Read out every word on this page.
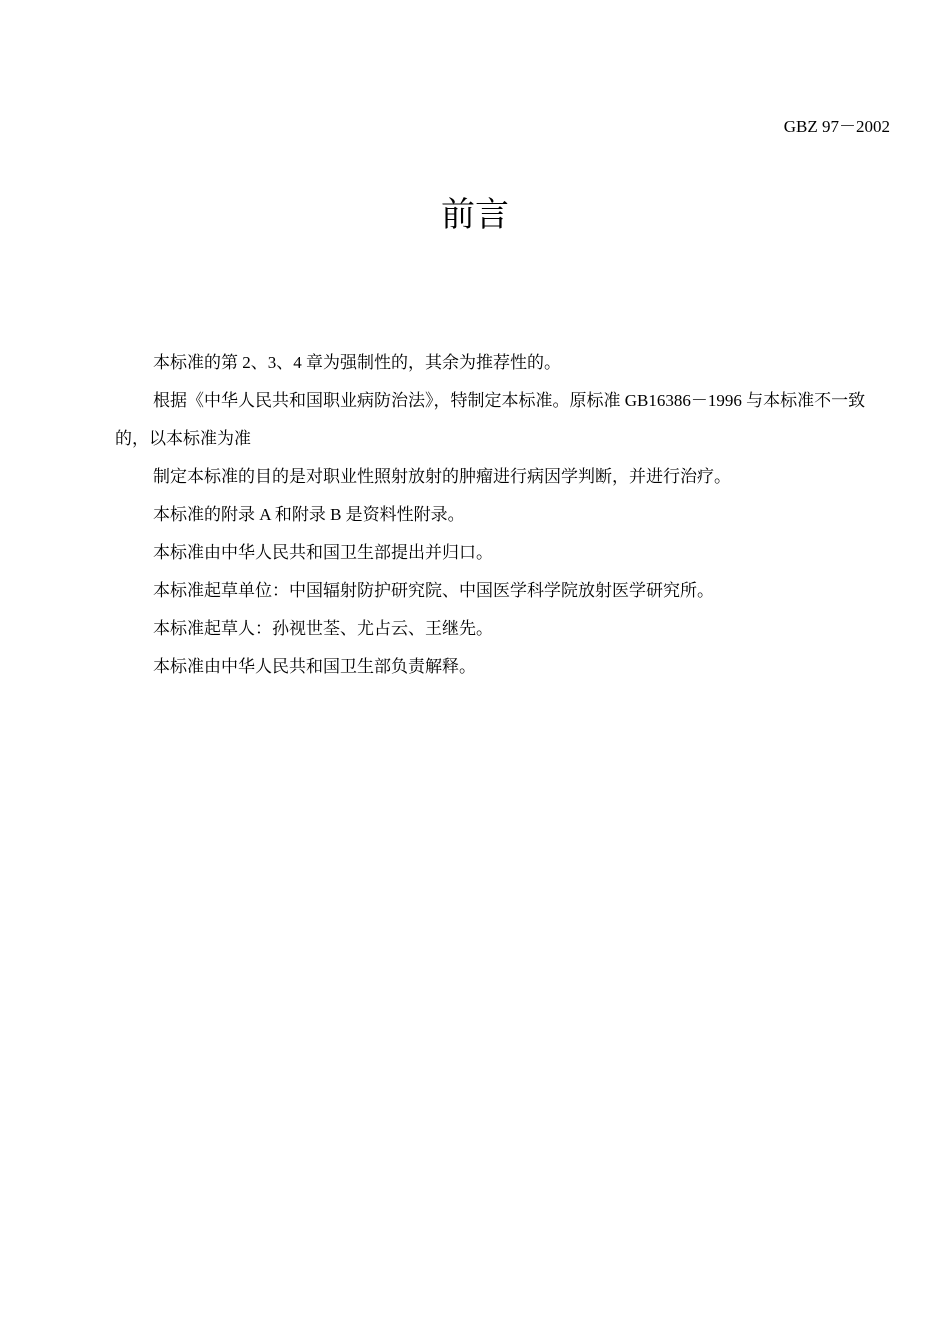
GBZ 97－2002
前言

本标准的第 2、3、4 章为强制性的，其余为推荐性的。

根据《中华人民共和国职业病防治法》，特制定本标准。原标准 GB16386－1996 与本标准不一致的，以本标准为准

制定本标准的目的是对职业性照射放射的肿瘤进行病因学判断，并进行治疗。

本标准的附录 A 和附录 B 是资料性附录。

本标准由中华人民共和国卫生部提出并归口。

本标准起草单位：中国辐射防护研究院、中国医学科学院放射医学研究所。

本标准起草人：孙视世荃、尤占云、王继先。

本标准由中华人民共和国卫生部负责解释。
